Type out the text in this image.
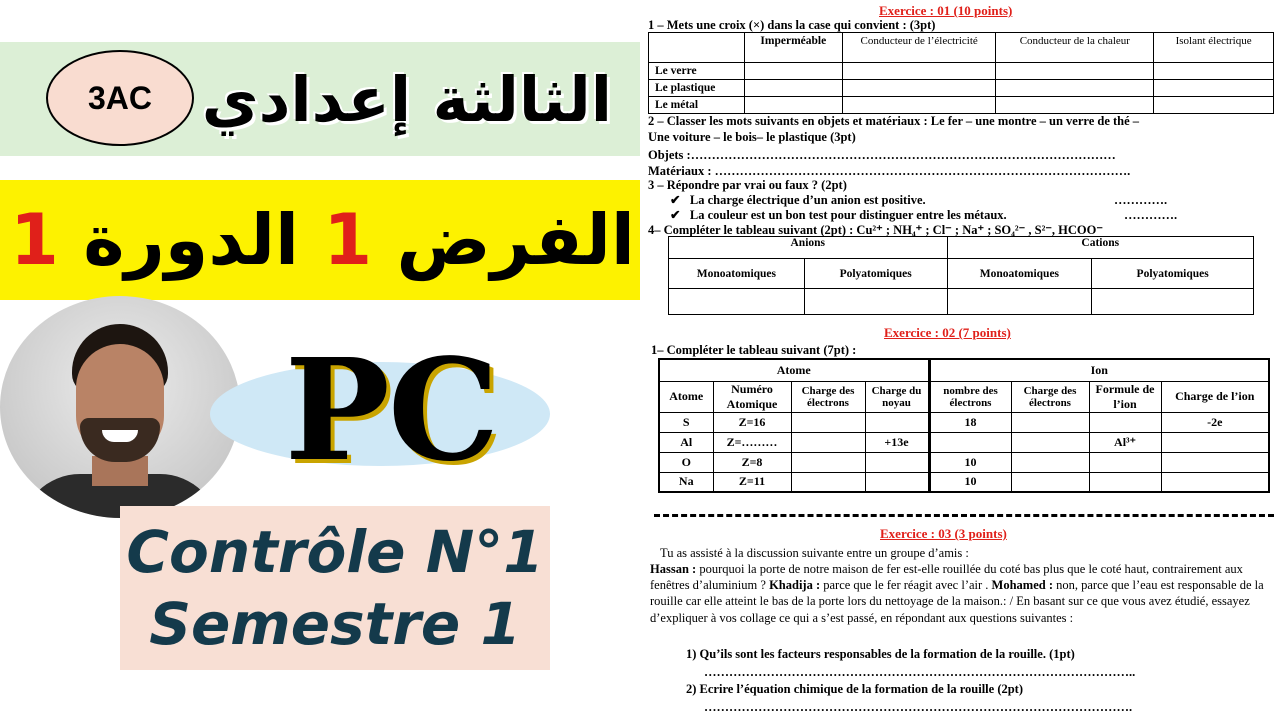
3AC الثالثة إعدادي
الفرض 1 الدورة 1
PC
Contrôle N°1
Semestre 1
Exercice : 01 (10 points)
1 – Mets une croix (×) dans la case qui convient : (3pt)
	Imperméable	Conducteur de l’électricité	Conducteur de la chaleur	Isolant électrique
Le verre				
Le plastique				
Le métal				
2 – Classer les mots suivants en objets et matériaux : Le fer – une montre – un verre de thé –
Une voiture – le bois– le plastique (3pt)
Objets :…………………………………………………………………………………………
Matériaux : ……………………………………………………………………………………….
3 – Répondre par vrai ou faux ? (2pt)
✔ La charge électrique d’un anion est positive.	………….
✔ La couleur est un bon test pour distinguer entre les métaux.	………….
4– Compléter le tableau suivant (2pt) : Cu²⁺ ; NH₄⁺ ; Cl⁻ ; Na⁺ ; SO₄²⁻ , S²⁻, HCOO⁻
Anions		Cations	
Monoatomiques	Polyatomiques	Monoatomiques	Polyatomiques

Exercice : 02 (7 points)
1– Compléter le tableau suivant (7pt) :
Atome				Ion			
Atome	Numéro Atomique	Charge des électrons	Charge du noyau	nombre des électrons	Charge des électrons	Formule de l’ion	Charge de l’ion
S	Z=16			18			-2e
Al	Z=………		+13e			Al³⁺	
O	Z=8			10			
Na	Z=11			10			
Exercice : 03 (3 points)
Tu as assisté à la discussion suivante entre un groupe d’amis :
Hassan : pourquoi la porte de notre maison de fer est-elle rouillée du coté bas plus que le coté haut, contrairement aux fenêtres d’aluminium ? Khadija : parce que le fer réagit avec l’air . Mohamed : non, parce que l’eau est responsable de la rouille car elle atteint le bas de la porte lors du nettoyage de la maison.: / En basant sur ce que vous avez étudié, essayez d’expliquer à vos collage ce qui a s’est passé, en répondant aux questions suivantes :
1) Qu’ils sont les facteurs responsables de la formation de la rouille. (1pt)
…………………………………………………………………………………………..
2) Ecrire l’équation chimique de la formation de la rouille (2pt)
………………………………………………………………………………………….
